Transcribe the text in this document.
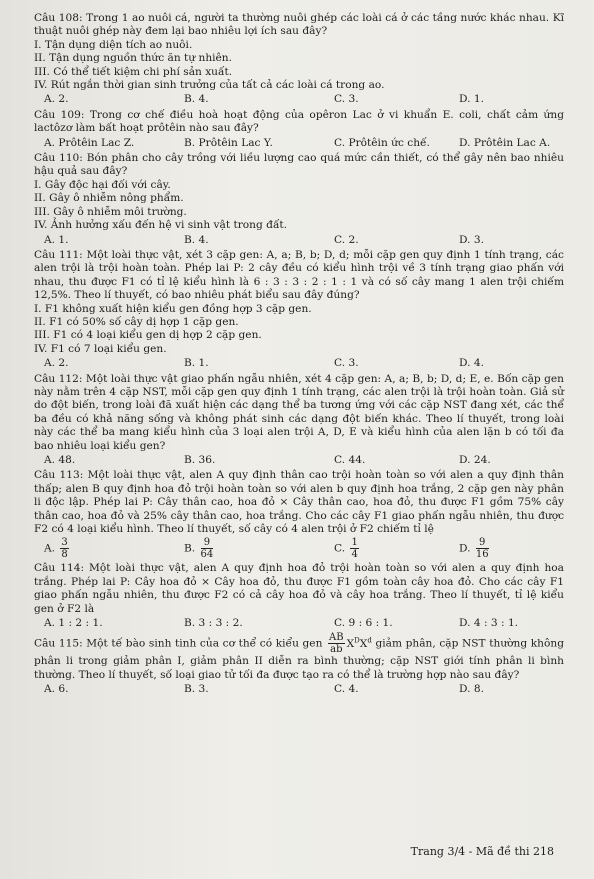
Câu 108: Trong 1 ao nuôi cá, người ta thường nuôi ghép các loài cá ở các tầng nước khác nhau. Kĩ thuật nuôi ghép này đem lại bao nhiêu lợi ích sau đây?

I. Tận dụng diện tích ao nuôi.

II. Tận dụng nguồn thức ăn tự nhiên.

III. Có thể tiết kiệm chi phí sản xuất.

IV. Rút ngắn thời gian sinh trưởng của tất cả các loài cá trong ao.

A. 2.	B. 4.	C. 3.	D. 1.

Câu 109: Trong cơ chế điều hoà hoạt động của opêron Lac ở vi khuẩn E. coli, chất cảm ứng lactôzơ làm bất hoạt prôtêin nào sau đây?

A. Prôtêin Lac Z.	B. Prôtêin Lac Y.	C. Prôtêin ức chế.	D. Prôtêin Lac A.

Câu 110: Bón phân cho cây trồng với liều lượng cao quá mức cần thiết, có thể gây nên bao nhiêu hậu quả sau đây?

I. Gây độc hại đối với cây.

II. Gây ô nhiễm nông phẩm.

III. Gây ô nhiễm môi trường.

IV. Ảnh hưởng xấu đến hệ vi sinh vật trong đất.

A. 1.	B. 4.	C. 2.	D. 3.

Câu 111: Một loài thực vật, xét 3 cặp gen: A, a; B, b; D, d; mỗi cặp gen quy định 1 tính trạng, các alen trội là trội hoàn toàn. Phép lai P: 2 cây đều có kiểu hình trội về 3 tính trạng giao phấn với nhau, thu được F1 có tỉ lệ kiểu hình là 6 : 3 : 3 : 2 : 1 : 1 và có số cây mang 1 alen trội chiếm 12,5%. Theo lí thuyết, có bao nhiêu phát biểu sau đây đúng?

I. F1 không xuất hiện kiểu gen đồng hợp 3 cặp gen.

II. F1 có 50% số cây dị hợp 1 cặp gen.

III. F1 có 4 loại kiểu gen dị hợp 2 cặp gen.

IV. F1 có 7 loại kiểu gen.

A. 2.	B. 1.	C. 3.	D. 4.

Câu 112: Một loài thực vật giao phấn ngẫu nhiên, xét 4 cặp gen: A, a; B, b; D, d; E, e. Bốn cặp gen này nằm trên 4 cặp NST, mỗi cặp gen quy định 1 tính trạng, các alen trội là trội hoàn toàn. Giả sử do đột biến, trong loài đã xuất hiện các dạng thể ba tương ứng với các cặp NST đang xét, các thể ba đều có khả năng sống và không phát sinh các dạng đột biến khác. Theo lí thuyết, trong loài này các thể ba mang kiểu hình của 3 loại alen trội A, D, E và kiểu hình của alen lặn b có tối đa bao nhiêu loại kiểu gen?

A. 48.	B. 36.	C. 44.	D. 24.

Câu 113: Một loài thực vật, alen A quy định thân cao trội hoàn toàn so với alen a quy định thân thấp; alen B quy định hoa đỏ trội hoàn toàn so với alen b quy định hoa trắng, 2 cặp gen này phân li độc lập. Phép lai P: Cây thân cao, hoa đỏ × Cây thân cao, hoa đỏ, thu được F1 gồm 75% cây thân cao, hoa đỏ và 25% cây thân cao, hoa trắng. Cho các cây F1 giao phấn ngẫu nhiên, thu được F2 có 4 loại kiểu hình. Theo lí thuyết, số cây có 4 alen trội ở F2 chiếm tỉ lệ

A. $\frac{3}{8}$	B. $\frac{9}{64}$	C. $\frac{1}{4}$	D. $\frac{9}{16}$

Câu 114: Một loài thực vật, alen A quy định hoa đỏ trội hoàn toàn so với alen a quy định hoa trắng. Phép lai P: Cây hoa đỏ × Cây hoa đỏ, thu được F1 gồm toàn cây hoa đỏ. Cho các cây F1 giao phấn ngẫu nhiên, thu được F2 có cả cây hoa đỏ và cây hoa trắng. Theo lí thuyết, tỉ lệ kiểu gen ở F2 là

A. 1 : 2 : 1.	B. 3 : 3 : 2.	C. 9 : 6 : 1.	D. 4 : 3 : 1.

Câu 115: Một tế bào sinh tinh của cơ thể có kiểu gen $\frac{AB}{ab} X^DX^d$ giảm phân, cặp NST thường không phân li trong giảm phân I, giảm phân II diễn ra bình thường; cặp NST giới tính phân li bình thường. Theo lí thuyết, số loại giao tử tối đa được tạo ra có thể là trường hợp nào sau đây?

A. 6.	B. 3.	C. 4.	D. 8.
Trang 3/4 - Mã đề thi 218
